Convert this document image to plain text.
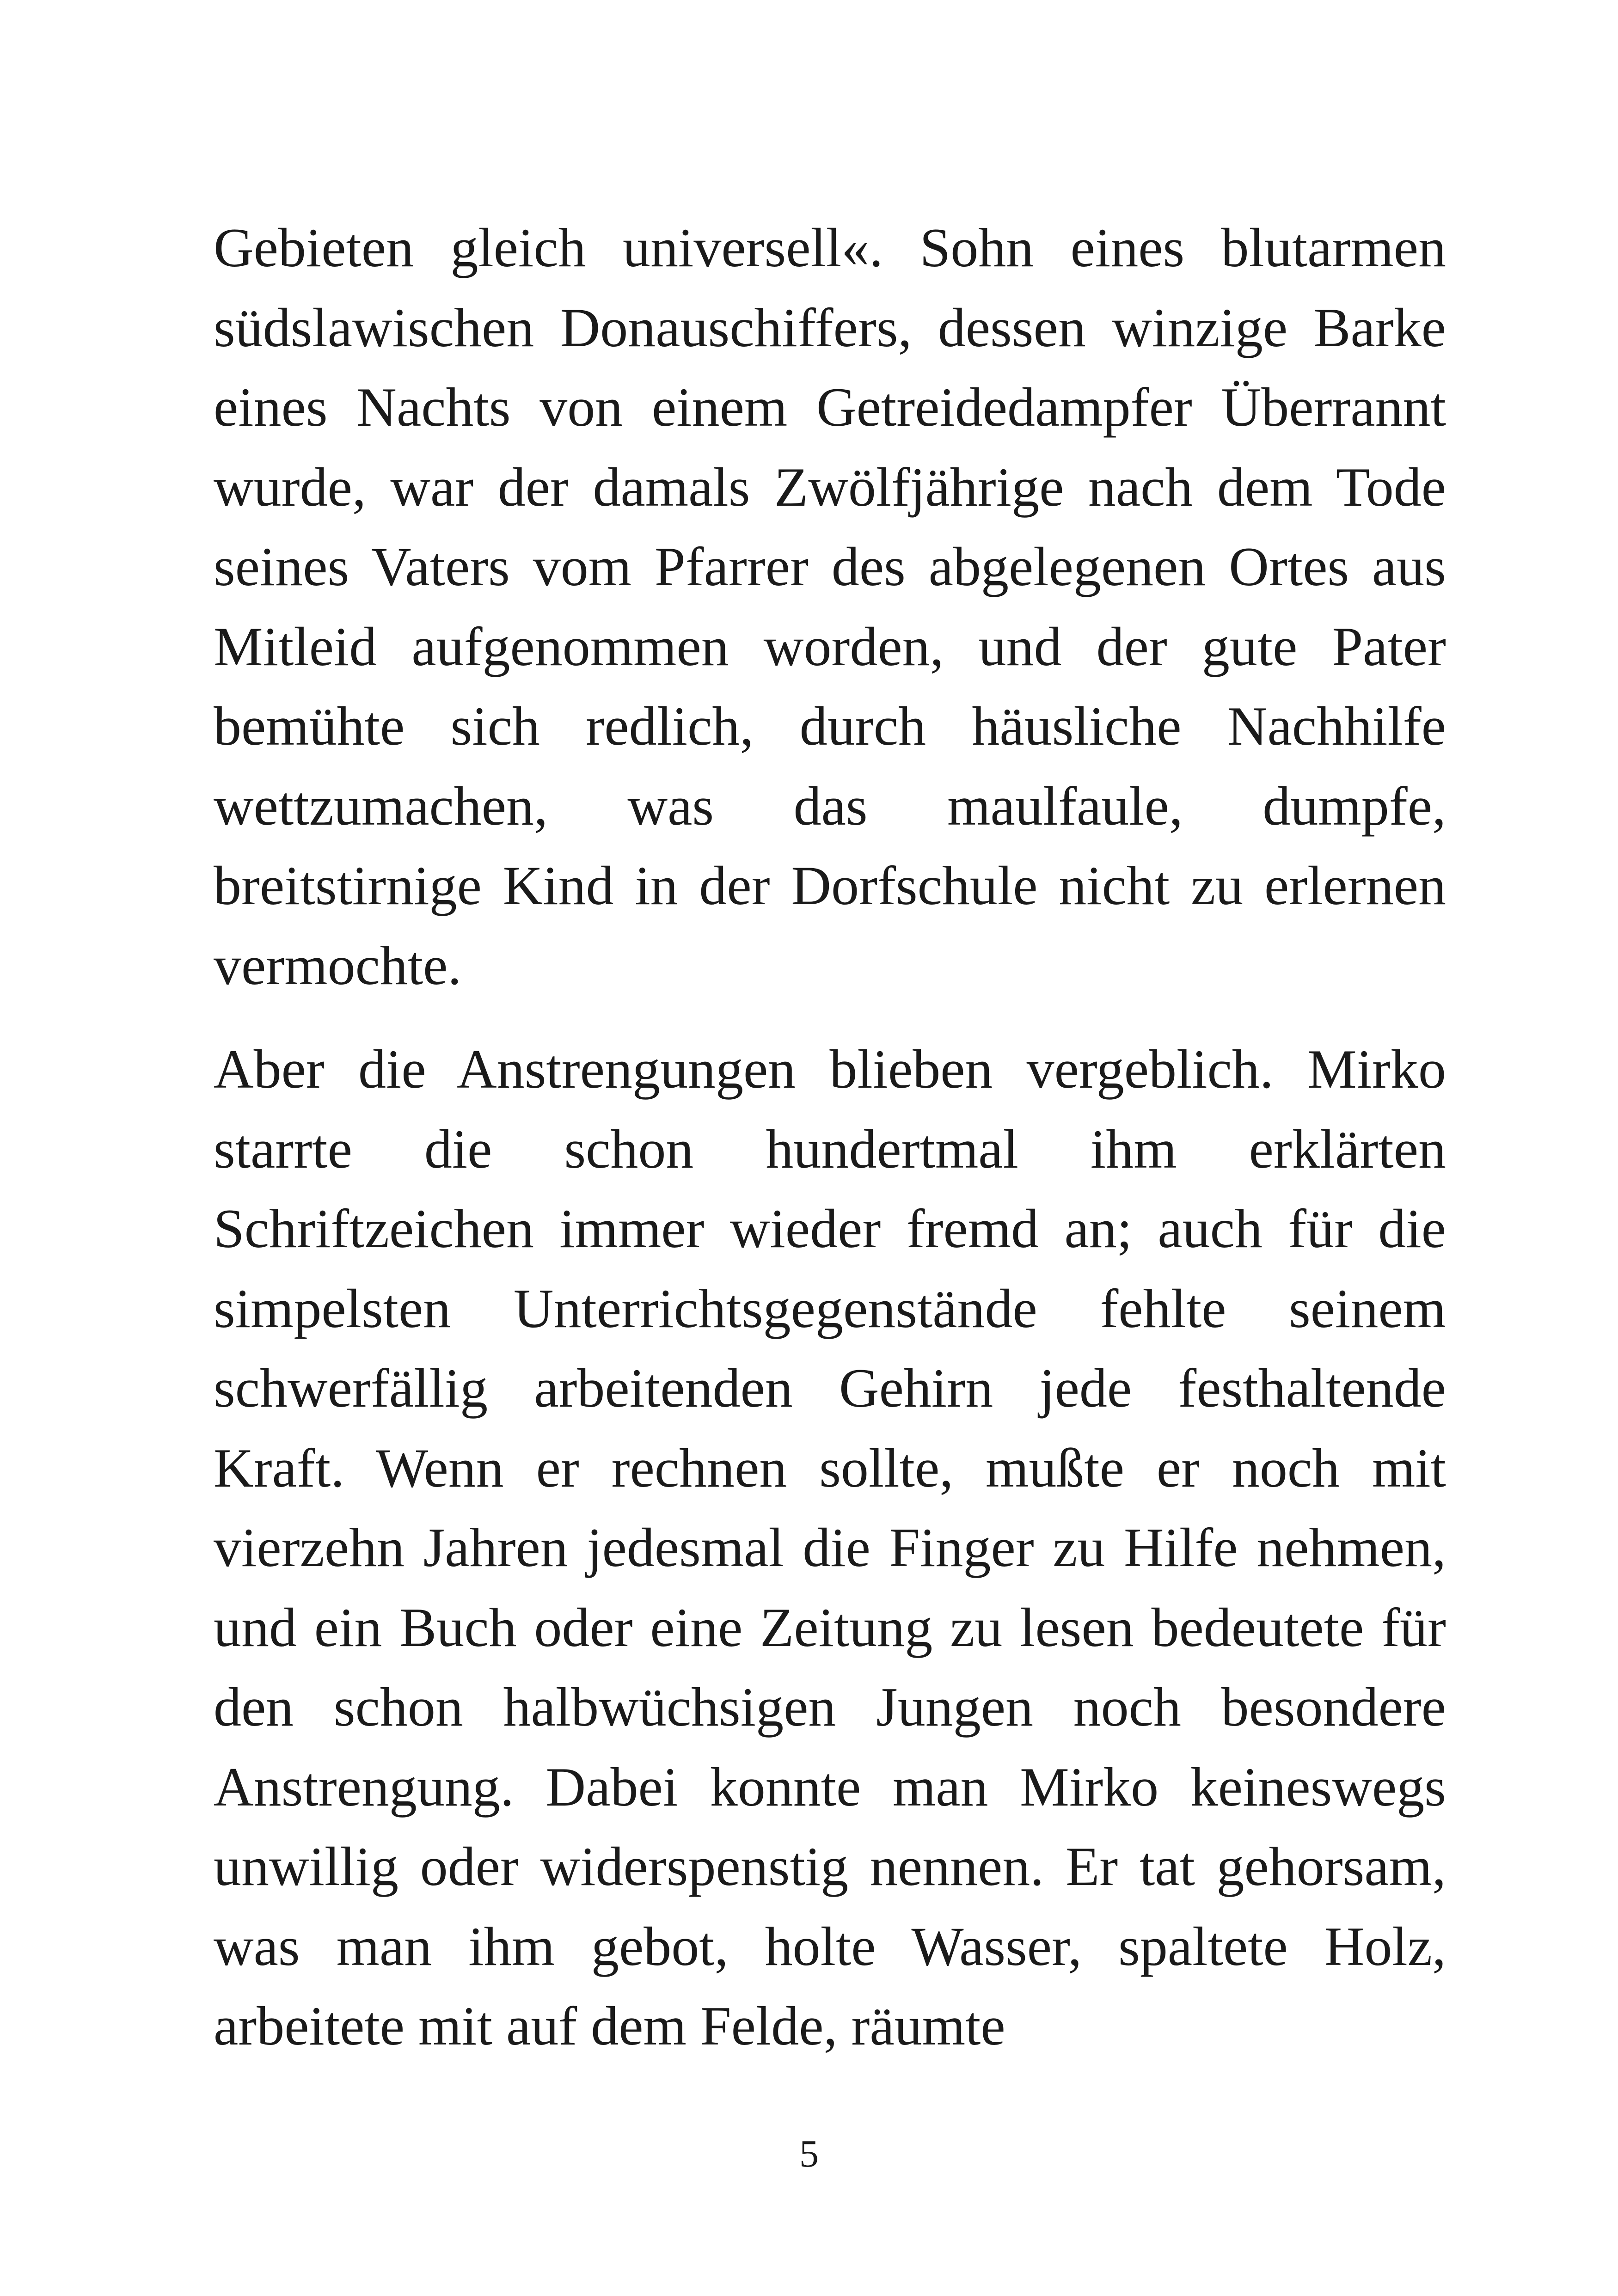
Gebieten gleich universell«. Sohn eines blutarmen südslawischen Donauschiffers, dessen winzige Barke eines Nachts von einem Getreidedampfer Überrannt wurde, war der damals Zwölfjährige nach dem Tode seines Vaters vom Pfarrer des abgelegenen Ortes aus Mitleid aufgenommen worden, und der gute Pater bemühte sich redlich, durch häusliche Nachhilfe wettzumachen, was das maulfaule, dumpfe, breitstirnige Kind in der Dorfschule nicht zu erlernen vermochte.

Aber die Anstrengungen blieben vergeblich. Mirko starrte die schon hundertmal ihm erklärten Schriftzeichen immer wieder fremd an; auch für die simpelsten Unterrichtsgegenstände fehlte seinem schwerfällig arbeitenden Gehirn jede festhaltende Kraft. Wenn er rechnen sollte, mußte er noch mit vierzehn Jahren jedesmal die Finger zu Hilfe nehmen, und ein Buch oder eine Zeitung zu lesen bedeutete für den schon halbwüchsigen Jungen noch besondere Anstrengung. Dabei konnte man Mirko keineswegs unwillig oder widerspenstig nennen. Er tat gehorsam, was man ihm gebot, holte Wasser, spaltete Holz, arbeitete mit auf dem Felde, räumte

5
